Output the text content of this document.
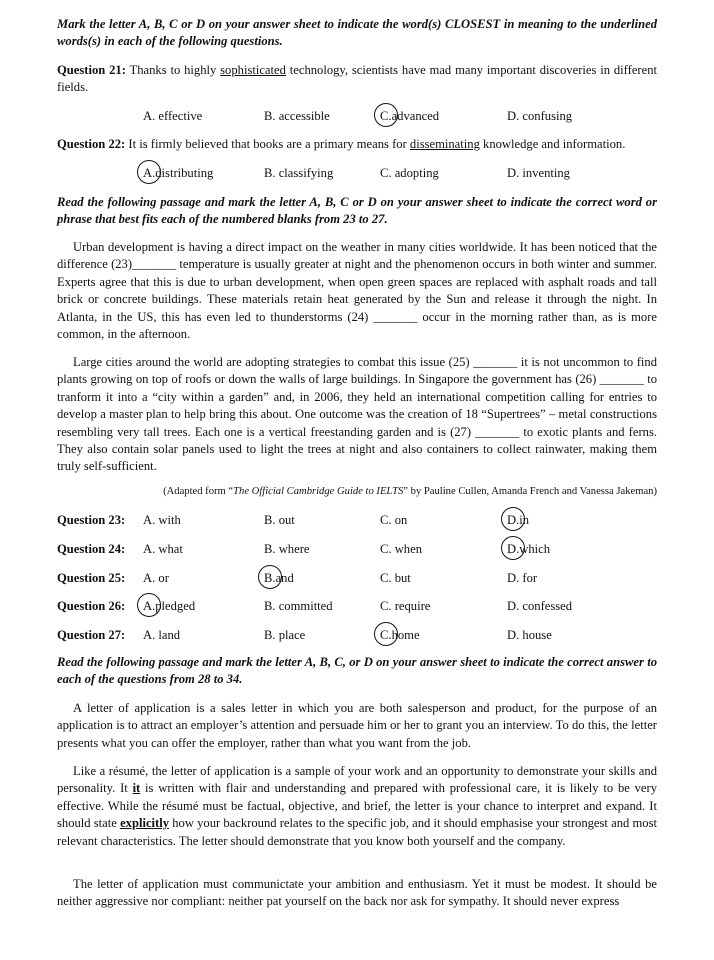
Mark the letter A, B, C or D on your answer sheet to indicate the word(s) CLOSEST in meaning to the underlined words(s) in each of the following questions.
Question 21: Thanks to highly sophisticated technology, scientists have mad many important discoveries in different fields.
A. effective	B. accessible	C.advanced	D. confusing
Question 22: It is firmly believed that books are a primary means for disseminating knowledge and information.
A.distributing	B. classifying	C. adopting	D. inventing
Read the following passage and mark the letter A, B, C or D on your answer sheet to indicate the correct word or phrase that best fits each of the numbered blanks from 23 to 27.
Urban development is having a direct impact on the weather in many cities worldwide. It has been noticed that the difference (23)_______ temperature is usually greater at night and the phenomenon occurs in both winter and summer. Experts agree that this is due to urban development, when open green spaces are replaced with asphalt roads and tall brick or concrete buildings. These materials retain heat generated by the Sun and release it through the night. In Atlanta, in the US, this has even led to thunderstorms (24) _______ occur in the morning rather than, as is more common, in the afternoon.
Large cities around the world are adopting strategies to combat this issue (25) _______ it is not uncommon to find plants growing on top of roofs or down the walls of large buildings. In Singapore the government has (26) _______ to tranform it into a “city within a garden” and, in 2006, they held an international competition calling for entries to develop a master plan to help bring this about. One outcome was the creation of 18 “Supertrees” – metal constructions resembling very tall trees. Each one is a vertical freestanding garden and is (27) _______ to exotic plants and ferns. They also contain solar panels used to light the trees at night and also containers to collect rainwater, making them truly self-sufficient.
(Adapted form “The Official Cambridge Guide to IELTS” by Pauline Cullen, Amanda French and Vanessa Jakeman)
Question 23: A. with	B. out	C. on	D.in
Question 24: A. what	B. where	C. when	D.which
Question 25: A. or	B.and	C. but	D. for
Question 26: A.pledged	B. committed	C. require	D. confessed
Question 27: A. land	B. place	C.home	D. house
Read the following passage and mark the letter A, B, C, or D on your answer sheet to indicate the correct answer to each of the questions from 28 to 34.
A letter of application is a sales letter in which you are both salesperson and product, for the purpose of an application is to attract an employer’s attention and persuade him or her to grant you an interview. To do this, the letter presents what you can offer the employer, rather than what you want from the job.
Like a résumé, the letter of application is a sample of your work and an opportunity to demonstrate your skills and personality. It it is written with flair and understanding and prepared with professional care, it is likely to be very effective. While the résumé must be factual, objective, and brief, the letter is your chance to interpret and expand. It should state explicitly how your backround relates to the specific job, and it should emphasise your strongest and most relevant characteristics. The letter should demonstrate that you know both yourself and the company.
The letter of application must communictate your ambition and enthusiasm. Yet it must be modest. It should be neither aggressive nor compliant: neither pat yourself on the back nor ask for sympathy. It should never express
